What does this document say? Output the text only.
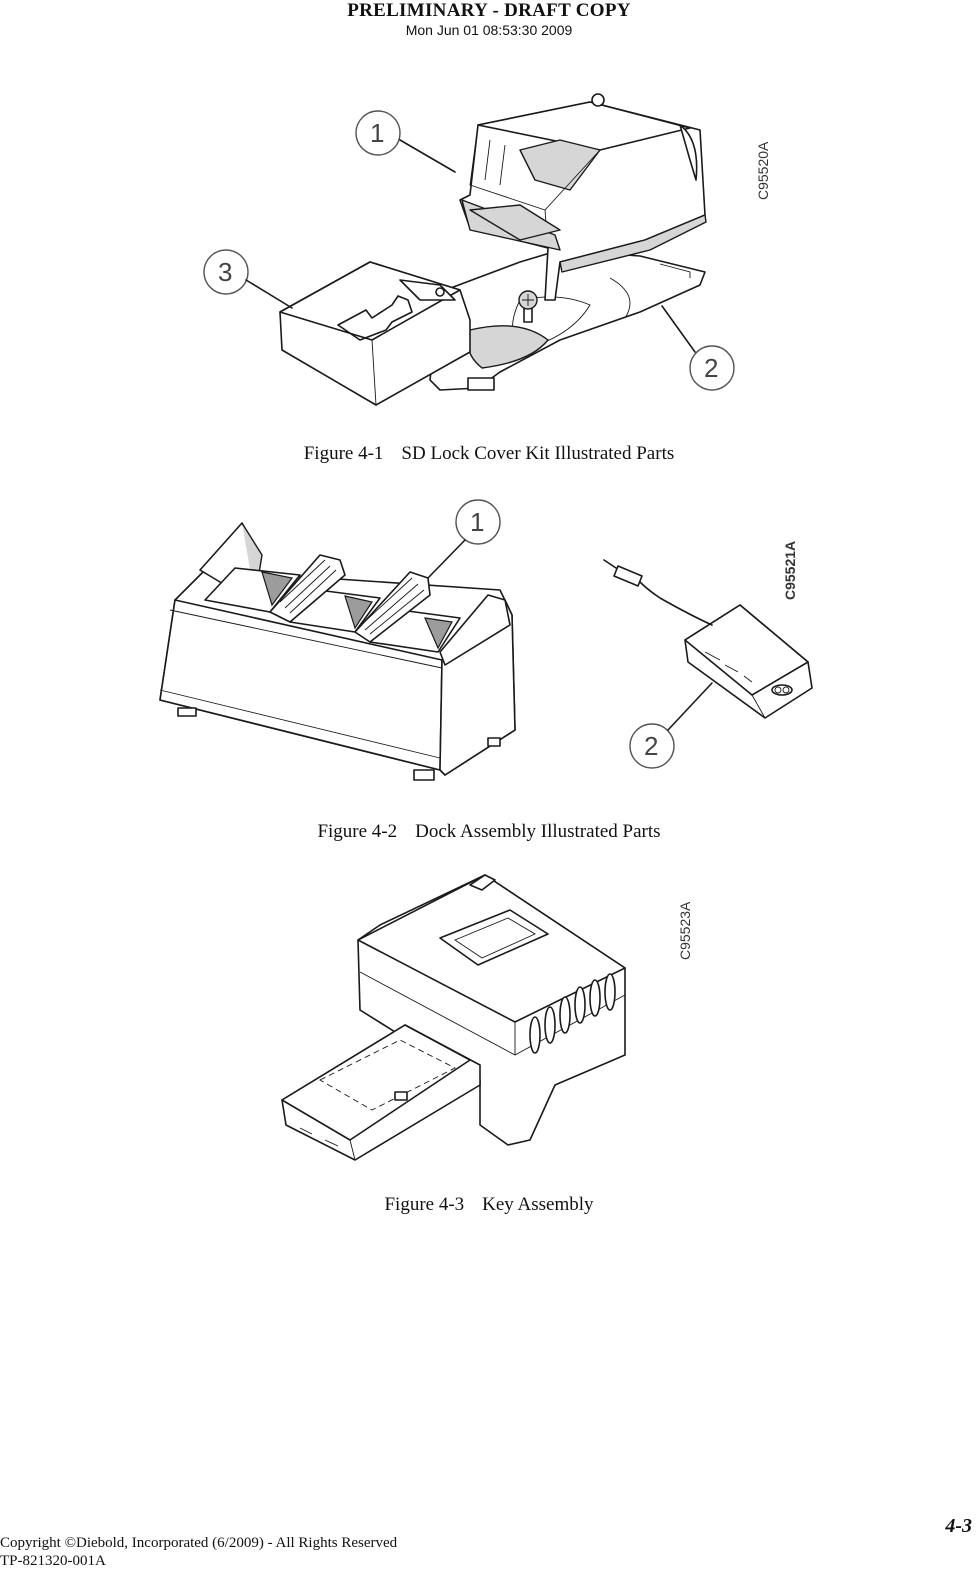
PRELIMINARY - DRAFT COPY
Mon Jun 01 08:53:30 2009
1
3
2
C95520A
Figure 4-1 SD Lock Cover Kit Illustrated Parts
1
2
C95521A
Figure 4-2 Dock Assembly Illustrated Parts
C95523A
Figure 4-3 Key Assembly
4-3
Copyright ©Diebold, Incorporated (6/2009) - All Rights Reserved
TP-821320-001A
